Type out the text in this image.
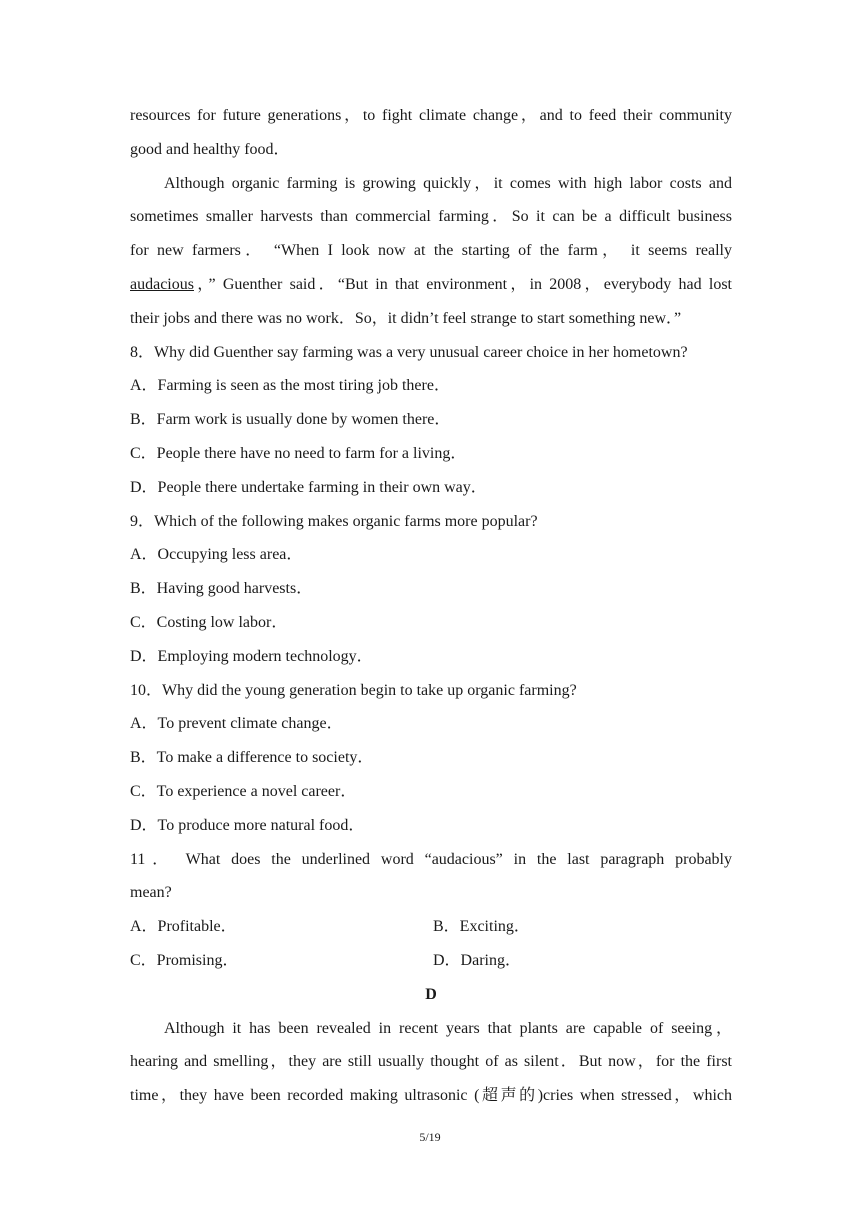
resources for future generations，to fight climate change，and to feed their community
good and healthy food．
Although organic farming is growing quickly，it comes with high labor costs and
sometimes smaller harvests than commercial farming．So it can be a difficult business
for new farmers． “When I look now at the starting of the farm， it seems really
audacious，” Guenther said．“But in that environment，in 2008，everybody had lost
their jobs and there was no work．So，it didn’t feel strange to start something new．”
8．Why did Guenther say farming was a very unusual career choice in her hometown?
A．Farming is seen as the most tiring job there．
B．Farm work is usually done by women there．
C．People there have no need to farm for a living．
D．People there undertake farming in their own way．
9．Which of the following makes organic farms more popular?
A．Occupying less area．
B．Having good harvests．
C．Costing low labor．
D．Employing modern technology．
10．Why did the young generation begin to take up organic farming?
A．To prevent climate change．
B．To make a difference to society．
C．To experience a novel career．
D．To produce more natural food．
11． What does the underlined word “audacious” in the last paragraph probably
mean?
A．Profitable．	B．Exciting．
C．Promising．	D．Daring．
D
Although it has been revealed in recent years that plants are capable of seeing，
hearing and smelling，they are still usually thought of as silent．But now，for the first
time，they have been recorded making ultrasonic (超声的)cries when stressed，which
5/19
